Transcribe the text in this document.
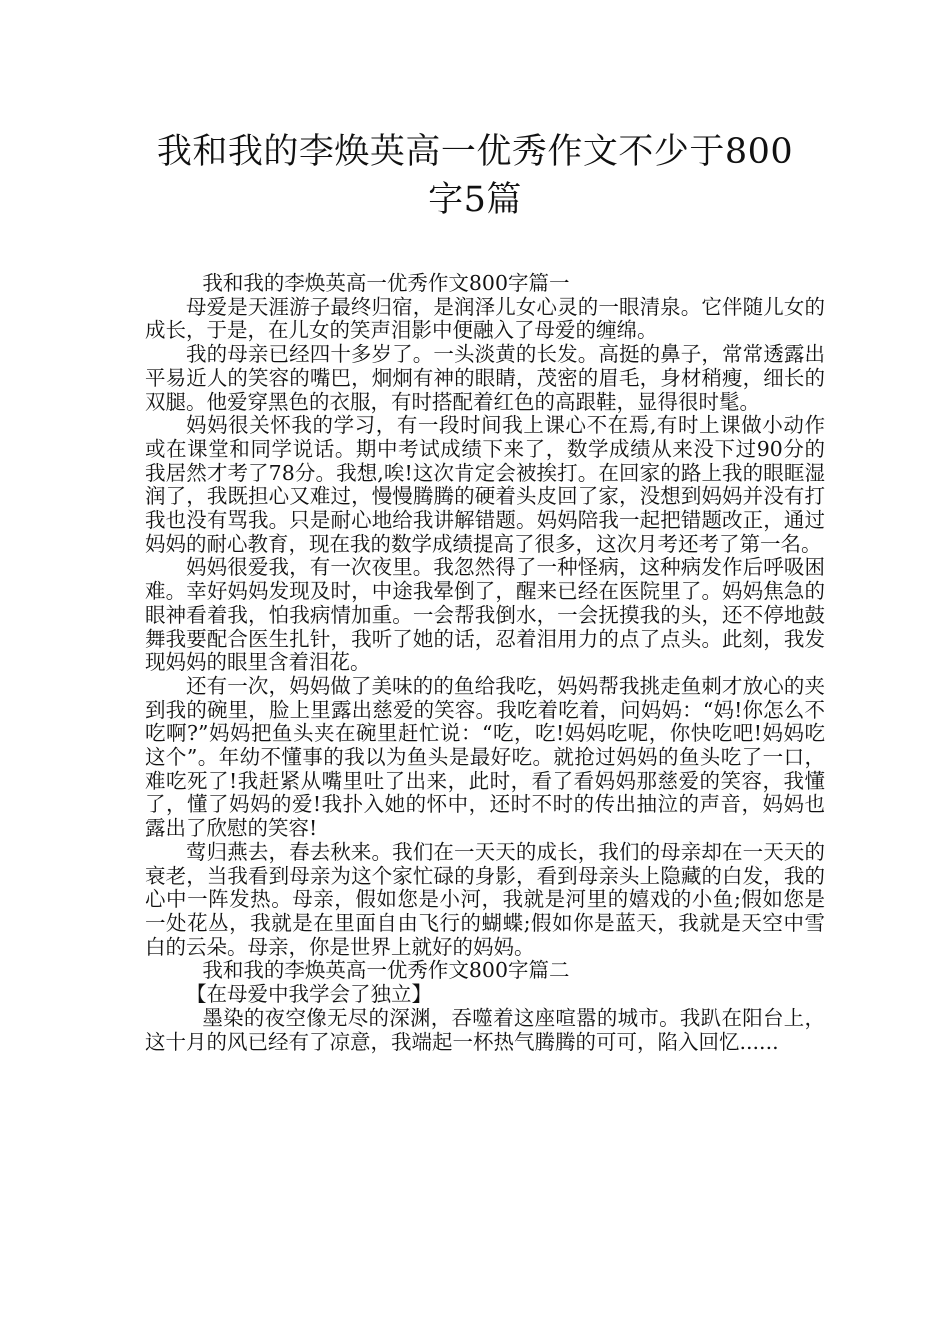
我和我的李焕英高一优秀作文不少于800字5篇

我和我的李焕英高一优秀作文800字篇一

母爱是天涯游子最终归宿，是润泽儿女心灵的一眼清泉。它伴随儿女的成长，于是，在儿女的笑声泪影中便融入了母爱的缠绵。

我的母亲已经四十多岁了。一头淡黄的长发。高挺的鼻子，常常透露出平易近人的笑容的嘴巴，炯炯有神的眼睛，茂密的眉毛，身材稍瘦，细长的双腿。他爱穿黑色的衣服，有时搭配着红色的高跟鞋，显得很时髦。

妈妈很关怀我的学习，有一段时间我上课心不在焉,有时上课做小动作或在课堂和同学说话。期中考试成绩下来了，数学成绩从来没下过90分的我居然才考了78分。我想,唉!这次肯定会被挨打。在回家的路上我的眼眶湿润了，我既担心又难过，慢慢腾腾的硬着头皮回了家，没想到妈妈并没有打我也没有骂我。只是耐心地给我讲解错题。妈妈陪我一起把错题改正，通过妈妈的耐心教育，现在我的数学成绩提高了很多，这次月考还考了第一名。

妈妈很爱我，有一次夜里。我忽然得了一种怪病，这种病发作后呼吸困难。幸好妈妈发现及时，中途我晕倒了，醒来已经在医院里了。妈妈焦急的眼神看着我，怕我病情加重。一会帮我倒水，一会抚摸我的头，还不停地鼓舞我要配合医生扎针，我听了她的话，忍着泪用力的点了点头。此刻，我发现妈妈的眼里含着泪花。

还有一次，妈妈做了美味的的鱼给我吃，妈妈帮我挑走鱼刺才放心的夹到我的碗里，脸上里露出慈爱的笑容。我吃着吃着，问妈妈：“妈!你怎么不吃啊?”妈妈把鱼头夹在碗里赶忙说：“吃，吃!妈妈吃呢，你快吃吧!妈妈吃这个”。年幼不懂事的我以为鱼头是最好吃。就抢过妈妈的鱼头吃了一口，难吃死了!我赶紧从嘴里吐了出来，此时，看了看妈妈那慈爱的笑容，我懂了，懂了妈妈的爱!我扑入她的怀中，还时不时的传出抽泣的声音，妈妈也露出了欣慰的笑容!

莺归燕去，春去秋来。我们在一天天的成长，我们的母亲却在一天天的衰老，当我看到母亲为这个家忙碌的身影，看到母亲头上隐藏的白发，我的心中一阵发热。母亲，假如您是小河，我就是河里的嬉戏的小鱼;假如您是一处花丛，我就是在里面自由飞行的蝴蝶;假如你是蓝天，我就是天空中雪白的云朵。母亲，你是世界上就好的妈妈。

我和我的李焕英高一优秀作文800字篇二

【在母爱中我学会了独立】

墨染的夜空像无尽的深渊，吞噬着这座喧嚣的城市。我趴在阳台上，这十月的风已经有了凉意，我端起一杯热气腾腾的可可，陷入回忆......
